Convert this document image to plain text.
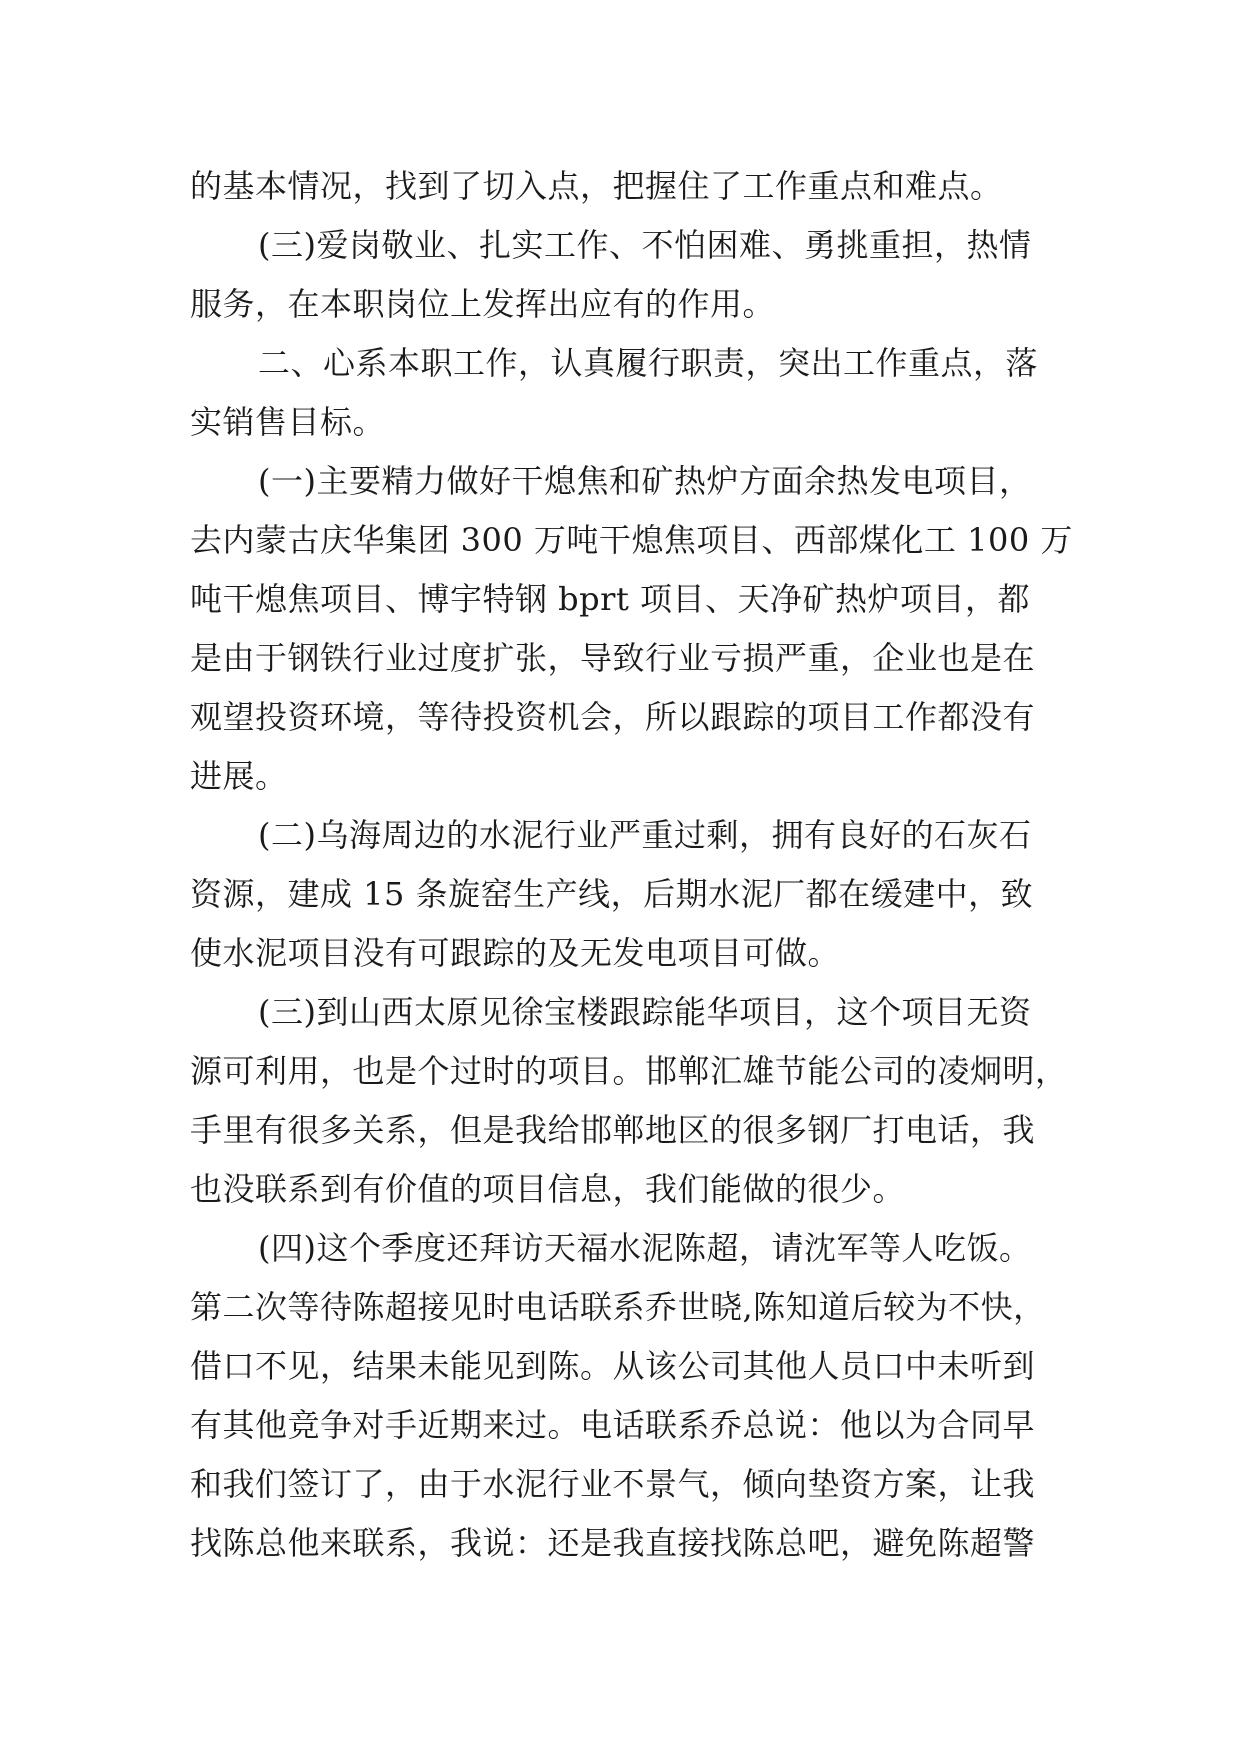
的基本情况，找到了切入点，把握住了工作重点和难点。
(三)爱岗敬业、扎实工作、不怕困难、勇挑重担，热情
服务，在本职岗位上发挥出应有的作用。
二、心系本职工作，认真履行职责，突出工作重点，落
实销售目标。
(一)主要精力做好干熄焦和矿热炉方面余热发电项目，
去内蒙古庆华集团 300 万吨干熄焦项目、西部煤化工 100 万
吨干熄焦项目、博宇特钢 bprt 项目、天净矿热炉项目，都
是由于钢铁行业过度扩张，导致行业亏损严重，企业也是在
观望投资环境，等待投资机会，所以跟踪的项目工作都没有
进展。
(二)乌海周边的水泥行业严重过剩，拥有良好的石灰石
资源，建成 15 条旋窑生产线，后期水泥厂都在缓建中，致
使水泥项目没有可跟踪的及无发电项目可做。
(三)到山西太原见徐宝楼跟踪能华项目，这个项目无资
源可利用，也是个过时的项目。邯郸汇雄节能公司的凌炯明，
手里有很多关系，但是我给邯郸地区的很多钢厂打电话，我
也没联系到有价值的项目信息，我们能做的很少。
(四)这个季度还拜访天福水泥陈超，请沈军等人吃饭。
第二次等待陈超接见时电话联系乔世晓,陈知道后较为不快，
借口不见，结果未能见到陈。从该公司其他人员口中未听到
有其他竞争对手近期来过。电话联系乔总说：他以为合同早
和我们签订了，由于水泥行业不景气，倾向垫资方案，让我
找陈总他来联系，我说：还是我直接找陈总吧，避免陈超警
